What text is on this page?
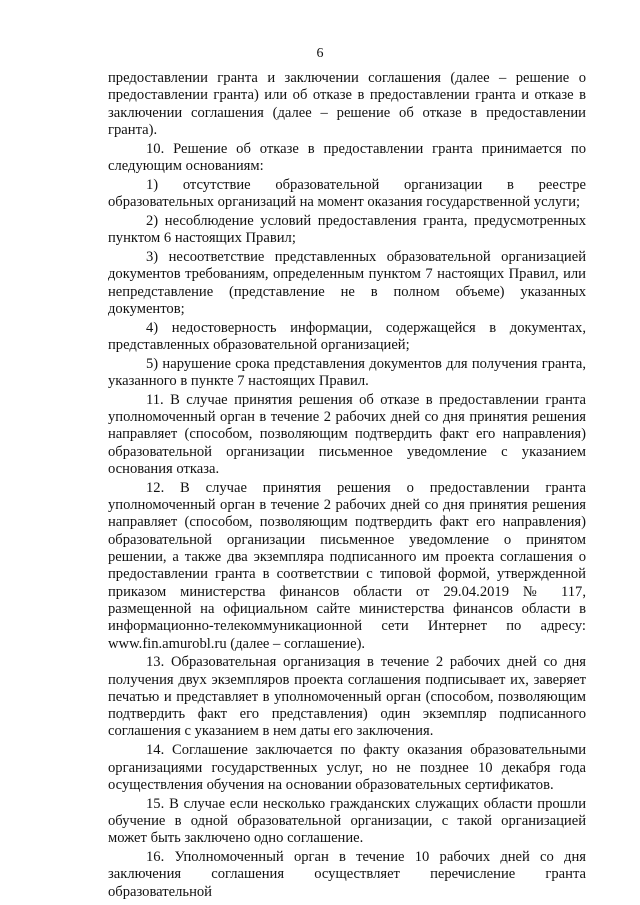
6

предоставлении гранта и заключении соглашения (далее – решение о предоставлении гранта) или об отказе в предоставлении гранта и отказе в заключении соглашения (далее – решение об отказе в предоставлении гранта).

10. Решение об отказе в предоставлении гранта принимается по следующим основаниям:

1) отсутствие образовательной организации в реестре образовательных организаций на момент оказания государственной услуги;

2) несоблюдение условий предоставления гранта, предусмотренных пунктом 6 настоящих Правил;

3) несоответствие представленных образовательной организацией документов требованиям, определенным пунктом 7 настоящих Правил, или непредставление (представление не в полном объеме) указанных документов;

4) недостоверность информации, содержащейся в документах, представленных образовательной организацией;

5) нарушение срока представления документов для получения гранта, указанного в пункте 7 настоящих Правил.

11. В случае принятия решения об отказе в предоставлении гранта уполномоченный орган в течение 2 рабочих дней со дня принятия решения направляет (способом, позволяющим подтвердить факт его направления) образовательной организации письменное уведомление с указанием основания отказа.

12. В случае принятия решения о предоставлении гранта уполномоченный орган в течение 2 рабочих дней со дня принятия решения направляет (способом, позволяющим подтвердить факт его направления) образовательной организации письменное уведомление о принятом решении, а также два экземпляра подписанного им проекта соглашения о предоставлении гранта в соответствии с типовой формой, утвержденной приказом министерства финансов области от 29.04.2019 № 117, размещенной на официальном сайте министерства финансов области в информационно-телекоммуникационной сети Интернет по адресу: www.fin.amurobl.ru (далее – соглашение).

13. Образовательная организация в течение 2 рабочих дней со дня получения двух экземпляров проекта соглашения подписывает их, заверяет печатью и представляет в уполномоченный орган (способом, позволяющим подтвердить факт его представления) один экземпляр подписанного соглашения с указанием в нем даты его заключения.

14. Соглашение заключается по факту оказания образовательными организациями государственных услуг, но не позднее 10 декабря года осуществления обучения на основании образовательных сертификатов.

15. В случае если несколько гражданских служащих области прошли обучение в одной образовательной организации, с такой организацией может быть заключено одно соглашение.

16. Уполномоченный орган в течение 10 рабочих дней со дня заключения соглашения осуществляет перечисление гранта образовательной
